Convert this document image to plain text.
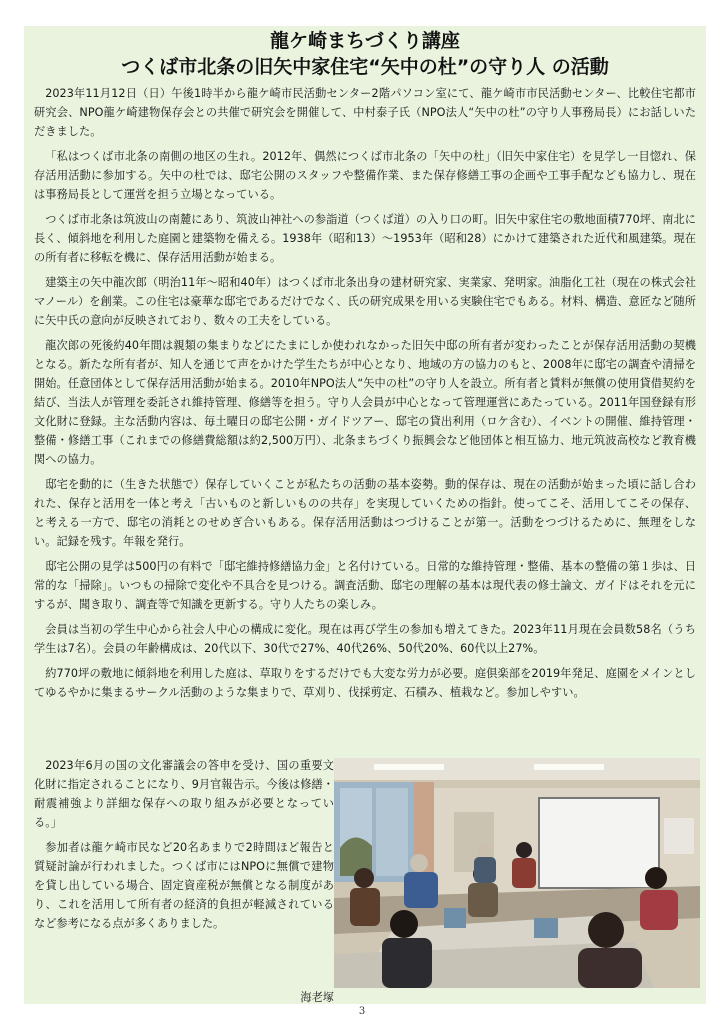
龍ケ崎まちづくり講座
つくば市北条の旧矢中家住宅“矢中の杜”の守り人 の活動

2023年11月12日（日）午後1時半から龍ケ崎市民活動センター2階パソコン室にて、龍ケ崎市市民活動センター、比較住宅都市研究会、NPO龍ケ崎建物保存会との共催で研究会を開催して、中村泰子氏（NPO法人“矢中の杜”の守り人事務局長）にお話しいただきました。

「私はつくば市北条の南側の地区の生れ。2012年、偶然につくば市北条の「矢中の杜」（旧矢中家住宅）を見学し一目惚れ、保存活用活動に参加する。矢中の杜では、邸宅公開のスタッフや整備作業、また保存修繕工事の企画や工事手配なども協力し、現在は事務局長として運営を担う立場となっている。

つくば市北条は筑波山の南麓にあり、筑波山神社への参詣道（つくば道）の入り口の町。旧矢中家住宅の敷地面積770坪、南北に長く、傾斜地を利用した庭園と建築物を備える。1938年（昭和13）〜1953年（昭和28）にかけて建築された近代和風建築。現在の所有者に移転を機に、保存活用活動が始まる。

建築主の矢中龍次郎（明治11年〜昭和40年）はつくば市北条出身の建材研究家、実業家、発明家。油脂化工社（現在の株式会社マノール）を創業。この住宅は豪華な邸宅であるだけでなく、氏の研究成果を用いる実験住宅でもある。材料、構造、意匠など随所に矢中氏の意向が反映されており、数々の工夫をしている。

龍次郎の死後約40年間は親類の集まりなどにたまにしか使われなかった旧矢中邸の所有者が変わったことが保存活用活動の契機となる。新たな所有者が、知人を通じて声をかけた学生たちが中心となり、地域の方の協力のもと、2008年に邸宅の調査や清掃を開始。任意団体として保存活用活動が始まる。2010年NPO法人“矢中の杜”の守り人を設立。所有者と賃料が無償の使用貸借契約を結び、当法人が管理を委託され維持管理、修繕等を担う。守り人会員が中心となって管理運営にあたっている。2011年国登録有形文化財に登録。主な活動内容は、毎土曜日の邸宅公開・ガイドツアー、邸宅の貸出利用（ロケ含む）、イベントの開催、維持管理・整備・修繕工事（これまでの修繕費総額は約2,500万円）、北条まちづくり振興会など他団体と相互協力、地元筑波高校など教育機関への協力。

邸宅を動的に（生きた状態で）保存していくことが私たちの活動の基本姿勢。動的保存は、現在の活動が始まった頃に話し合われた、保存と活用を一体と考え「古いものと新しいものの共存」を実現していくための指針。使ってこそ、活用してこその保存、と考える一方で、邸宅の消耗とのせめぎ合いもある。保存活用活動はつづけることが第一。活動をつづけるために、無理をしない。記録を残す。年報を発行。

邸宅公開の見学は500円の有料で「邸宅維持修繕協力金」と名付けている。日常的な維持管理・整備、基本の整備の第１歩は、日常的な「掃除」。いつもの掃除で変化や不具合を見つける。調査活動、邸宅の理解の基本は現代表の修士論文、ガイドはそれを元にするが、聞き取り、調査等で知識を更新する。守り人たちの楽しみ。

会員は当初の学生中心から社会人中心の構成に変化。現在は再び学生の参加も増えてきた。2023年11月現在会員数58名（うち学生は7名）。会員の年齢構成は、20代以下、30代で27%、40代26%、50代20%、60代以上27%。

約770坪の敷地に傾斜地を利用した庭は、草取りをするだけでも大変な労力が必要。庭倶楽部を2019年発足、庭園をメインとしてゆるやかに集まるサークル活動のような集まりで、草刈り、伐採剪定、石積み、植栽など。参加しやすい。

2023年6月の国の文化審議会の答申を受け、国の重要文化財に指定されることになり、9月官報告示。今後は修繕・耐震補強より詳細な保存への取り組みが必要となっている。」

参加者は龍ケ崎市民など20名あまりで2時間ほど報告と質疑討論が行われました。つくば市にはNPOに無償で建物を貸し出している場合、固定資産税が無償となる制度があり、これを活用して所有者の経済的負担が軽減されているなど参考になる点が多くありました。

海老塚
3
